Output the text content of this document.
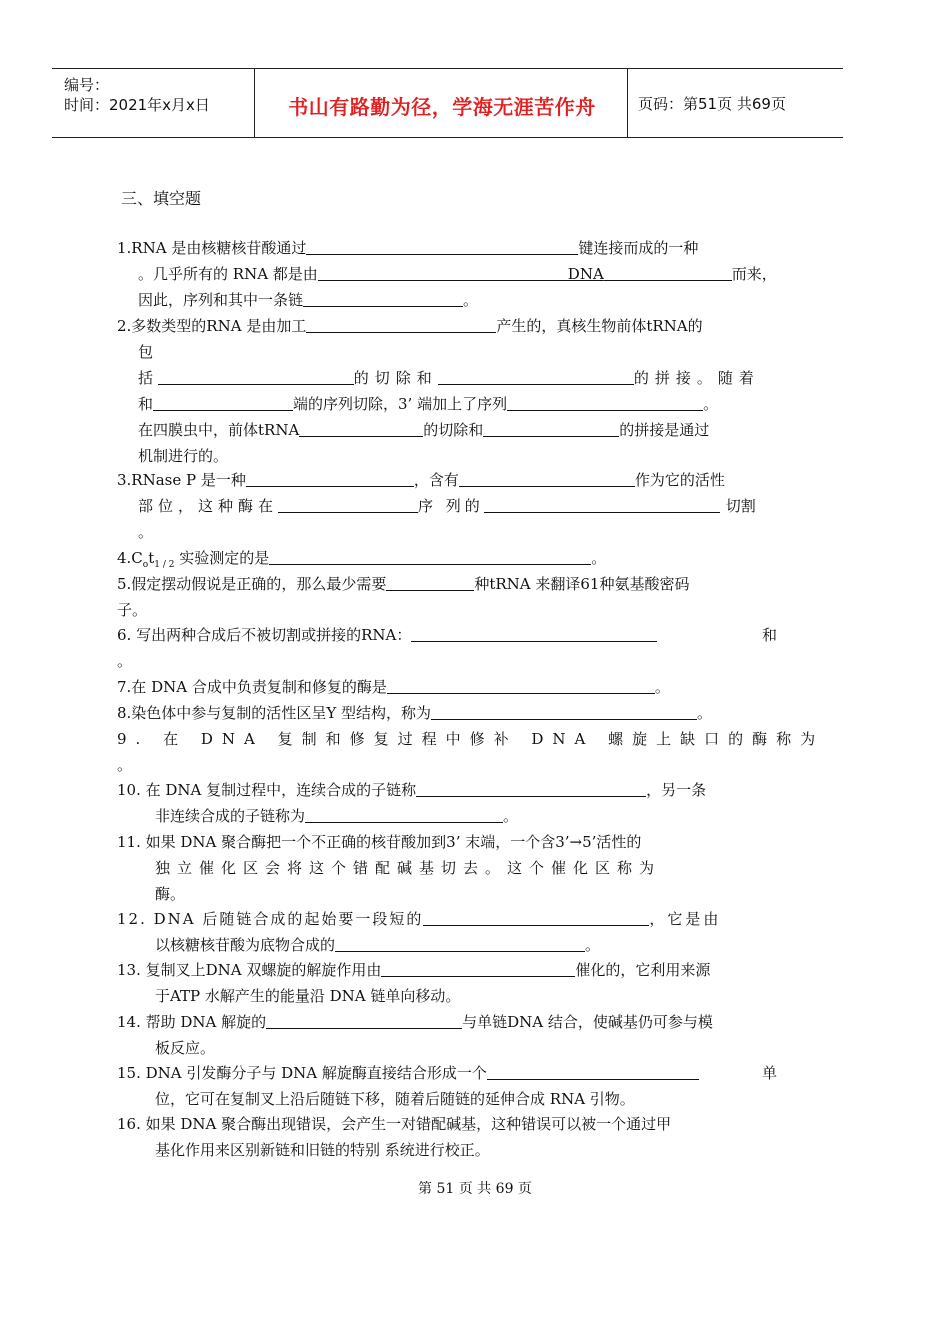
编号：
时间：2021年x月x日	书山有路勤为径，学海无涯苦作舟	页码：第51页 共69页
三、填空题
1.RNA 是由核糖核苷酸通过	键连接而成的一种
。几乎所有的 RNA 都是由	DNA	而来，
因此，序列和其中一条链	。
2.多数类型的RNA 是由加工	产生的，真核生物前体tRNA的
包
括	的切除和	的拼接。随着
和	端的序列切除，3’ 端加上了序列	。
在四膜虫中，前体tRNA	的切除和	的拼接是通过
机制进行的。
3.RNase P 是一种	，含有	作为它的活性
部位，这种酶在	序 列的	切割
。
$4.C_ot_{1 / 2}$ 实验测定的是	。
5.假定摆动假说是正确的，那么最少需要	种tRNA 来翻译61种氨基酸密码
子。
6. 写出两种合成后不被切割或拼接的RNA：	和
。
7.在 DNA 合成中负责复制和修复的酶是	。
8.染色体中参与复制的活性区呈Y 型结构，称为	。
9. 在 DNA 复制和修复过程中修补 DNA 螺旋上缺口的酶称为
。
10. 在 DNA 复制过程中，连续合成的子链称	，另一条
非连续合成的子链称为	。
11. 如果 DNA 聚合酶把一个不正确的核苷酸加到3’ 末端，一个含3’→5’活性的
独立催化区会将这个错配碱基切去。这个催化区称为
酶。
12. DNA 后随链合成的起始要一段短的	，它是由
以核糖核苷酸为底物合成的	。
13. 复制叉上DNA 双螺旋的解旋作用由	催化的，它利用来源
于ATP 水解产生的能量沿 DNA 链单向移动。
14. 帮助 DNA 解旋的	与单链DNA 结合，使碱基仍可参与模
板反应。
15. DNA 引发酶分子与 DNA 解旋酶直接结合形成一个	单
位，它可在复制叉上沿后随链下移，随着后随链的延伸合成 RNA 引物。
16. 如果 DNA 聚合酶出现错误，会产生一对错配碱基，这种错误可以被一个通过甲
基化作用来区别新链和旧链的特别 系统进行校正。
第 51 页 共 69 页
